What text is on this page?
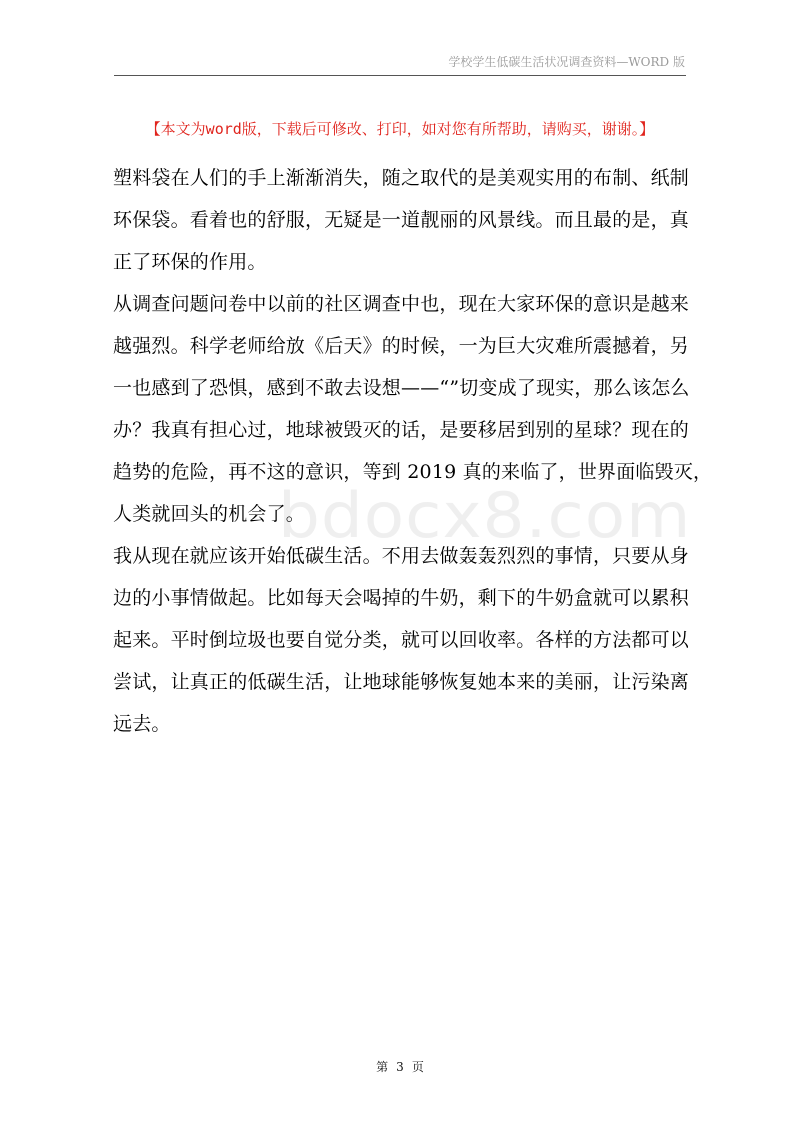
学校学生低碳生活状况调查资料—WORD 版
【本文为word版，下载后可修改、打印，如对您有所帮助，请购买，谢谢。】
bdocx8.com
塑料袋在人们的手上渐渐消失，随之取代的是美观实用的布制、纸制
环保袋。看着也的舒服，无疑是一道靓丽的风景线。而且最的是，真
正了环保的作用。
从调查问题问卷中以前的社区调查中也，现在大家环保的意识是越来
越强烈。科学老师给放《后天》的时候，一为巨大灾难所震撼着，另
一也感到了恐惧，感到不敢去设想——“”切变成了现实，那么该怎么
办？我真有担心过，地球被毁灭的话，是要移居到别的星球？现在的
趋势的危险，再不这的意识，等到 2019 真的来临了，世界面临毁灭，
人类就回头的机会了。
我从现在就应该开始低碳生活。不用去做轰轰烈烈的事情，只要从身
边的小事情做起。比如每天会喝掉的牛奶，剩下的牛奶盒就可以累积
起来。平时倒垃圾也要自觉分类，就可以回收率。各样的方法都可以
尝试，让真正的低碳生活，让地球能够恢复她本来的美丽，让污染离
远去。
第 3 页
